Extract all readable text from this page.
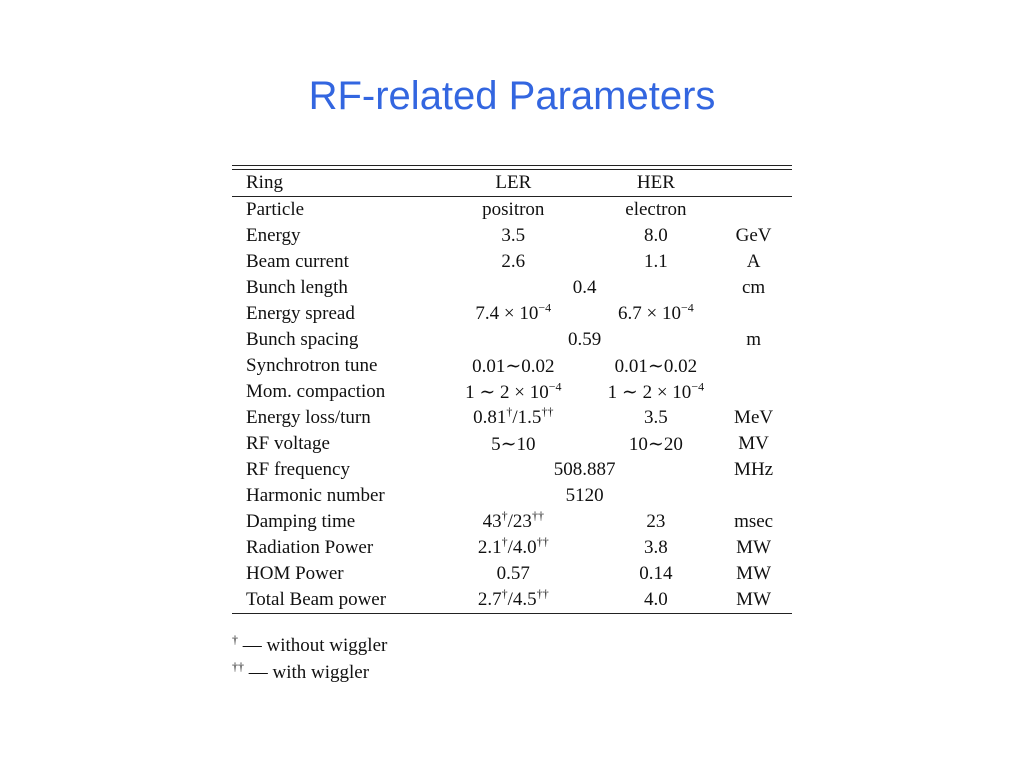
RF-related Parameters
Ring	LER	HER	
Particle	positron	electron	
Energy	3.5	8.0	GeV
Beam current	2.6	1.1	A
Bunch length	0.4		cm
Energy spread	$7.4 \times 10^{-4}$	$6.7 \times 10^{-4}$	
Bunch spacing	0.59		m
Synchrotron tune	0.01∼0.02	0.01∼0.02	
Mom. compaction	1 ∼ $2 \times 10^{-4}$	1 ∼ $2 \times 10^{-4}$	
Energy loss/turn	0.81†/1.5††	3.5	MeV
RF voltage	5∼10	10∼20	MV
RF frequency	508.887		MHz
Harmonic number	5120		
Damping time	43†/23††	23	msec
Radiation Power	2.1†/4.0††	3.8	MW
HOM Power	0.57	0.14	MW
Total Beam power	2.7†/4.5††	4.0	MW
† — without wiggler
†† — with wiggler
